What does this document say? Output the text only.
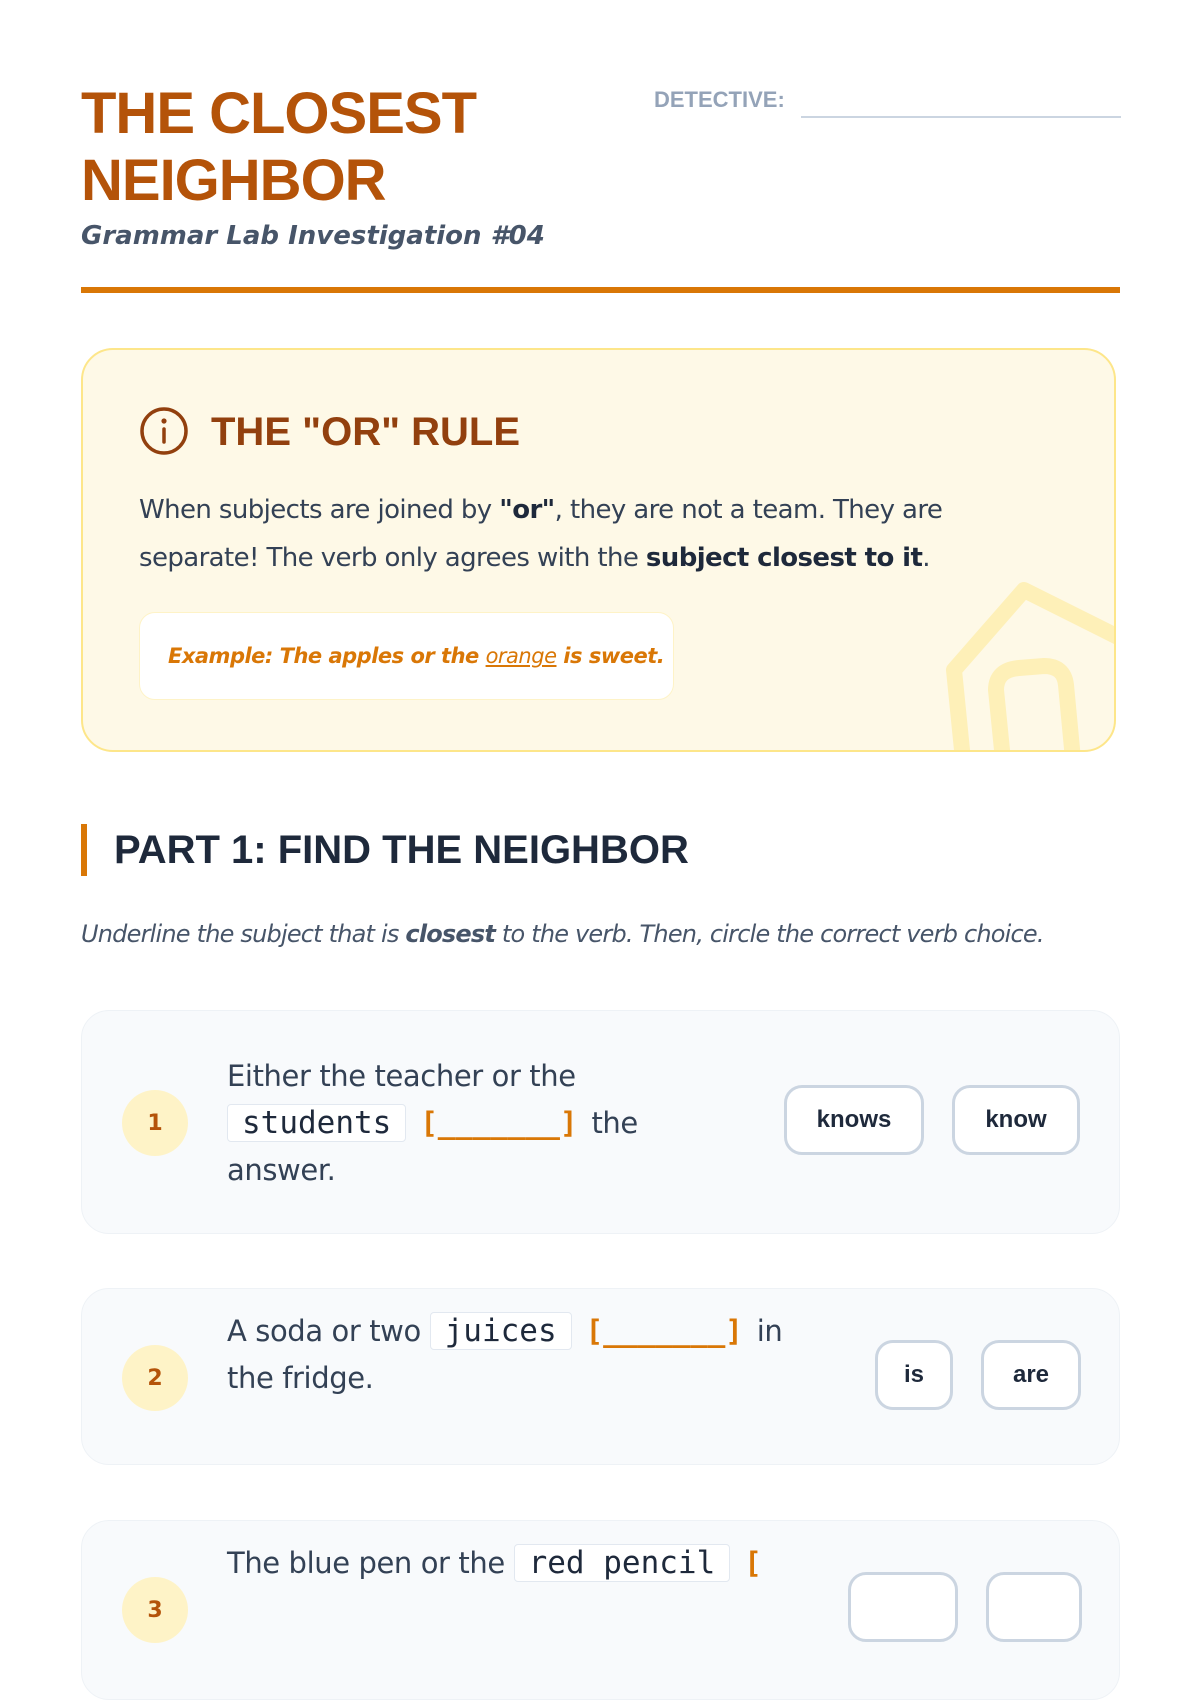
THE CLOSEST NEIGHBOR

Grammar Lab Investigation #04

DETECTIVE:
THE "OR" RULE

When subjects are joined by "or", they are not a team. They are separate! The verb only agrees with the subject closest to it.

Example: The apples or the orange is sweet.
PART 1: FIND THE NEIGHBOR

Underline the subject that is closest to the verb. Then, circle the correct verb choice.

1

Either the teacher or the students [_______] the answer.

knows	know
2

A soda or two juices [_______] in the fridge.	is	are
3

The blue pen or the red pencil [
